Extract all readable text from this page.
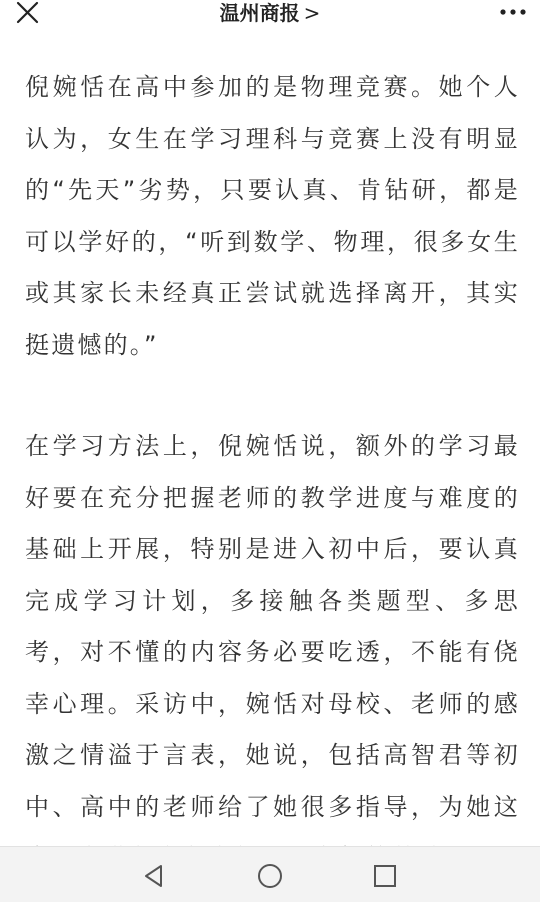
温州商报 >

倪婉恬在高中参加的是物理竞赛。她个人认为，女生在学习理科与竞赛上没有明显的“先天”劣势，只要认真、肯钻研，都是可以学好的，“听到数学、物理，很多女生或其家长未经真正尝试就选择离开，其实挺遗憾的。”

在学习方法上，倪婉恬说，额外的学习最好要在充分把握老师的教学进度与难度的基础上开展，特别是进入初中后，要认真完成学习计划，多接触各类题型、多思考，对不懂的内容务必要吃透，不能有侥幸心理。采访中，婉恬对母校、老师的感激之情溢于言表，她说，包括高智君等初中、高中的老师给了她很多指导，为她这
